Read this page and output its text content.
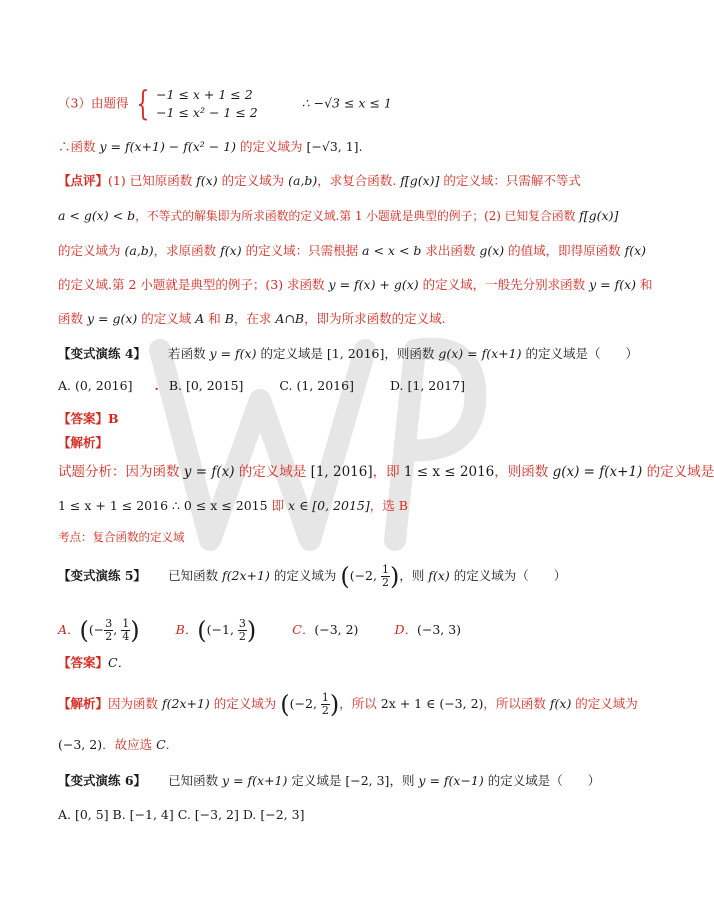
（3）由题得 { −1 ≤ x + 1 ≤ 2
−1 ≤ x² − 1 ≤ 2
∴ −√3 ≤ x ≤ 1
∴函数 y = f(x+1) − f(x² − 1) 的定义域为 [−√3, 1].
【点评】(1) 已知原函数 f(x) 的定义域为 (a,b)，求复合函数. f[g(x)] 的定义域：只需解不等式
a < g(x) < b，不等式的解集即为所求函数的定义域.第 1 小题就是典型的例子；(2) 已知复合函数 f[g(x)]
的定义域为 (a,b)，求原函数 f(x) 的定义域：只需根据 a < x < b 求出函数 g(x) 的值域，即得原函数 f(x)
的定义域.第 2 小题就是典型的例子；(3) 求函数 y = f(x) + g(x) 的定义域，一般先分别求函数 y = f(x) 和
函数 y = g(x) 的定义域 A 和 B，在求 A∩B，即为所求函数的定义域.
【变式演练 4】 若函数 y = f(x) 的定义域是 [1, 2016]，则函数 g(x) = f(x+1) 的定义域是（　　）
A. (0, 2016] . B. [0, 2015]	C. (1, 2016]	D. [1, 2017]
【答案】B
【解析】
试题分析：因为函数 y = f(x) 的定义域是 [1, 2016]，即 1 ≤ x ≤ 2016，则函数 g(x) = f(x+1) 的定义域是
1 ≤ x + 1 ≤ 2016 ∴ 0 ≤ x ≤ 2015 即 x ∈ [0, 2015]，选 B
考点：复合函数的定义域
【变式演练 5】 已知函数 f(2x+1) 的定义域为 ((−2, $\frac{1}{2}$ )，则 f(x) 的定义域为（　　）
A．((− $\frac{3}{2}$ , $\frac{1}{4}$ )	B．((−1, $\frac{3}{2}$ )	C．(−3, 2)	D．(−3, 3)
【答案】C．
【解析】因为函数 f(2x+1) 的定义域为 ((−2, $\frac{1}{2}$ )，所以 2x + 1 ∈ (−3, 2)，所以函数 f(x) 的定义域为
(−3, 2)．故应选 C．
【变式演练 6】 已知函数 y = f(x+1) 定义域是 [−2, 3]，则 y = f(x−1) 的定义域是（　　）
A. [0, 5] B. [−1, 4] C. [−3, 2] D. [−2, 3]
